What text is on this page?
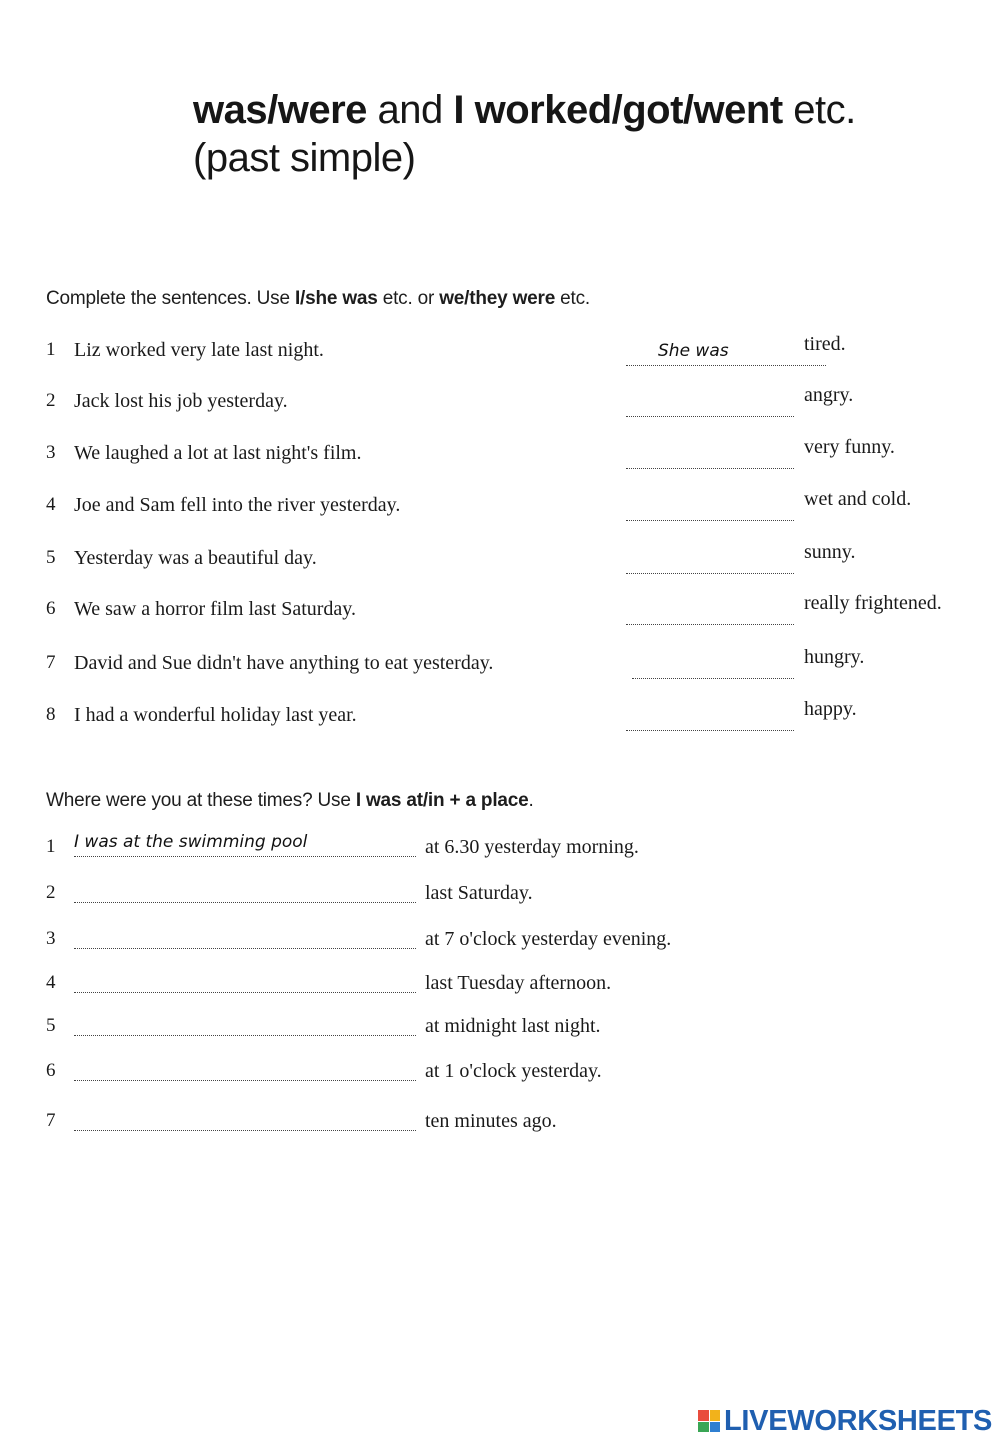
was/were and I worked/got/went etc.
(past simple)
Complete the sentences. Use I/she was etc. or we/they were etc.
1 Liz worked very late last night.	She was	tired.
2 Jack lost his job yesterday.	angry.
3 We laughed a lot at last night's film.	very funny.
4 Joe and Sam fell into the river yesterday.	wet and cold.
5 Yesterday was a beautiful day.	sunny.
6 We saw a horror film last Saturday.	really frightened.
7 David and Sue didn't have anything to eat yesterday.	hungry.
8 I had a wonderful holiday last year.	happy.
Where were you at these times? Use I was at/in + a place.
1 I was at the swimming pool	at 6.30 yesterday morning.
2	last Saturday.
3	at 7 o'clock yesterday evening.
4	last Tuesday afternoon.
5	at midnight last night.
6	at 1 o'clock yesterday.
7	ten minutes ago.
LIVEWORKSHEETS
